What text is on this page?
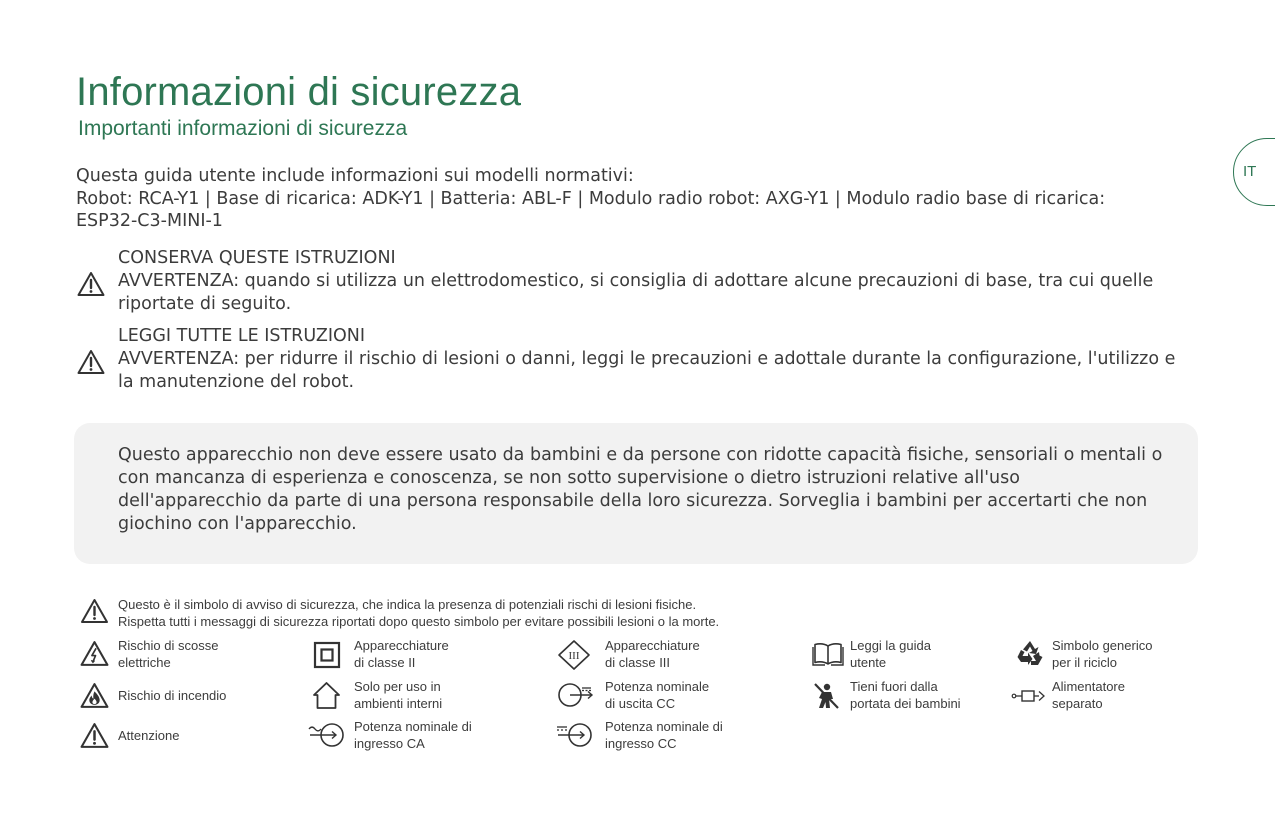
Informazioni di sicurezza
Importanti informazioni di sicurezza
IT

Questa guida utente include informazioni sui modelli normativi:

Robot: RCA-Y1 | Base di ricarica: ADK-Y1 | Batteria: ABL-F | Modulo radio robot: AXG-Y1 | Modulo radio base di ricarica: ESP32-C3-MINI-1

CONSERVA QUESTE ISTRUZIONI

AVVERTENZA: quando si utilizza un elettrodomestico, si consiglia di adottare alcune precauzioni di base, tra cui quelle riportate di seguito.

LEGGI TUTTE LE ISTRUZIONI

AVVERTENZA: per ridurre il rischio di lesioni o danni, leggi le precauzioni e adottale durante la configurazione, l'utilizzo e la manutenzione del robot.

Questo apparecchio non deve essere usato da bambini e da persone con ridotte capacità fisiche, sensoriali o mentali o con mancanza di esperienza e conoscenza, se non sotto supervisione o dietro istruzioni relative all'uso dell'apparecchio da parte di una persona responsabile della loro sicurezza. Sorveglia i bambini per accertarti che non giochino con l'apparecchio.

Questo è il simbolo di avviso di sicurezza, che indica la presenza di potenziali rischi di lesioni fisiche.

Rispetta tutti i messaggi di sicurezza riportati dopo questo simbolo per evitare possibili lesioni o la morte.

Rischio di scosse
elettriche
Rischio di incendio
Attenzione
Apparecchiature
di classe II
Solo per uso in
ambienti interni
Potenza nominale di
ingresso CA
III
Apparecchiature
di classe III
Potenza nominale
di uscita CC
Potenza nominale di
ingresso CC
Leggi la guida
utente
Tieni fuori dalla
portata dei bambini
Simbolo generico
per il riciclo
Alimentatore
separato
